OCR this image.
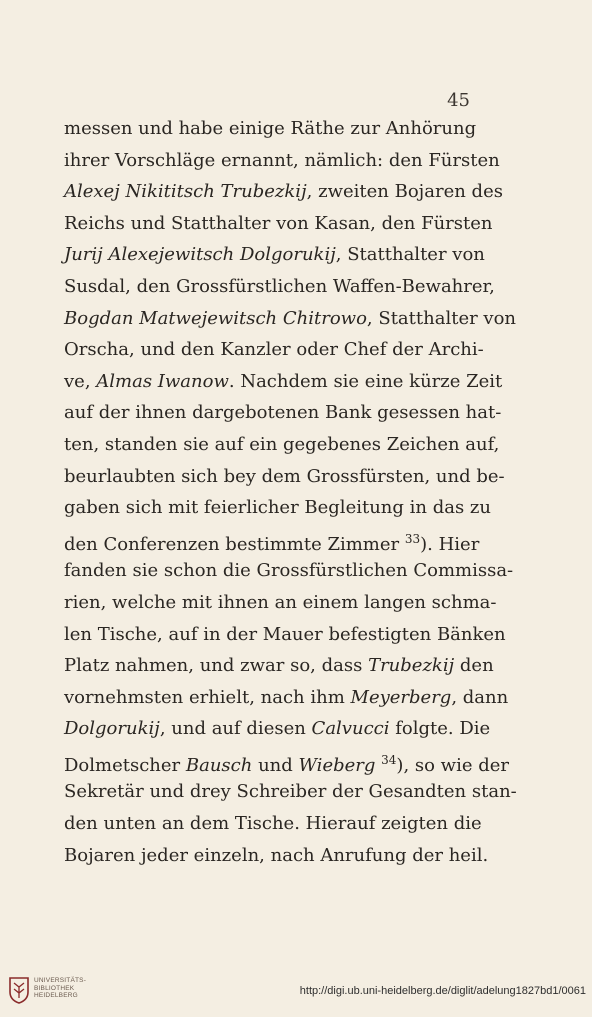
45
messen und habe einige Räthe zur Anhörung
ihrer Vorschläge ernannt, nämlich: den Fürsten
Alexej Nikititsch Trubezkij, zweiten Bojaren des
Reichs und Statthalter von Kasan, den Fürsten
Jurij Alexejewitsch Dolgorukij, Statthalter von
Susdal, den Grossfürstlichen Waffen-Bewahrer,
Bogdan Matwejewitsch Chitrowo, Statthalter von
Orscha, und den Kanzler oder Chef der Archi-
ve, Almas Iwanow. Nachdem sie eine kürze Zeit
auf der ihnen dargebotenen Bank gesessen hat-
ten, standen sie auf ein gegebenes Zeichen auf,
beurlaubten sich bey dem Grossfürsten, und be-
gaben sich mit feierlicher Begleitung in das zu
den Conferenzen bestimmte Zimmer $^{33}$). Hier
fanden sie schon die Grossfürstlichen Commissa-
rien, welche mit ihnen an einem langen schma-
len Tische, auf in der Mauer befestigten Bänken
Platz nahmen, und zwar so, dass Trubezkij den
vornehmsten erhielt, nach ihm Meyerberg, dann
Dolgorukij, und auf diesen Calvucci folgte. Die
Dolmetscher Bausch und Wieberg $^{34}$), so wie der
Sekretär und drey Schreiber der Gesandten stan-
den unten an dem Tische. Hierauf zeigten die
Bojaren jeder einzeln, nach Anrufung der heil.
UNIVERSITÄTS-
BIBLIOTHEK
HEIDELBERG	http://digi.ub.uni-heidelberg.de/diglit/adelung1827bd1/0061
